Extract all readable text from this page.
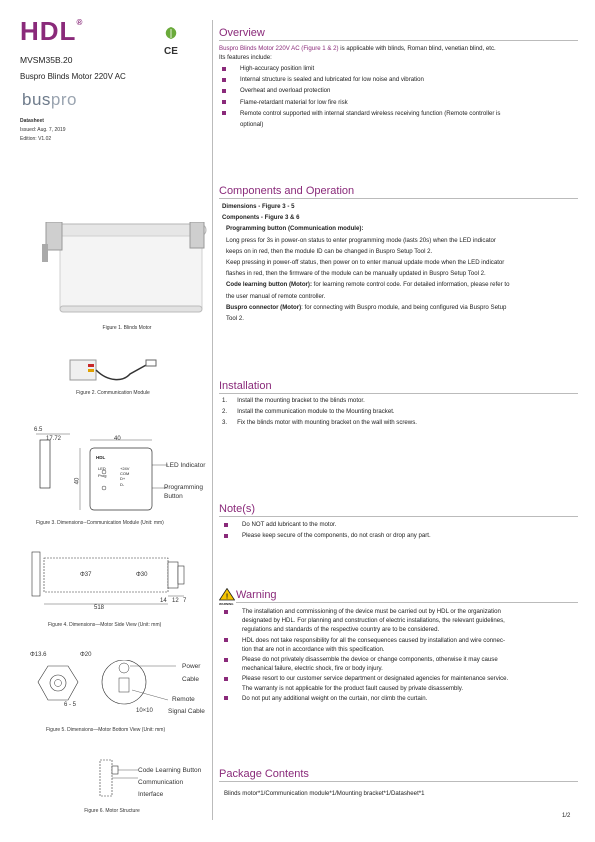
HDL®
CE
MVSM35B.20
Buspro Blinds Motor 220V AC
buspro
Datasheet
Issued: Aug. 7, 2019
Edition: V1.02
Figure 1. Blinds Motor
Figure 2. Communication Module
6.5
17.72	40
40
HDL
LED
Prog
+24V
COM
D+
D-
LED Indicator
Programming
Button
Figure 3. Dimensions--Communication Module (Unit: mm)
Φ37	Φ30
518
14 12 7
Figure 4. Dimensions—Motor Side View (Unit: mm)
Φ13.6	Φ20
6 - 5
10×10
Power
Cable
Remote
Signal Cable
Figure 5. Dimensions—Motor Bottom View (Unit: mm)
Code Learning Button
Communication
Interface
Figure 6. Motor Structure
Overview
Buspro Blinds Motor 220V AC (Figure 1 & 2) is applicable with blinds, Roman blind, venetian blind, etc.
Its features include:
High-accuracy position limit
Internal structure is sealed and lubricated for low noise and vibration
Overheat and overload protection
Flame-retardant material for low fire risk
Remote control supported with internal standard wireless receiving function (Remote controller is
optional)
Components and Operation
Dimensions - Figure 3 - 5
Components - Figure 3 & 6
Programming button (Communication module):
Long press for 3s in power-on status to enter programming mode (lasts 20s) when the LED indicator
keeps on in red, then the module ID can be changed in Buspro Setup Tool 2.
Keep pressing in power-off status, then power on to enter manual update mode when the LED indicator
flashes in red, then the firmware of the module can be manually updated in Buspro Setup Tool 2.
Code learning button (Motor): for learning remote control code. For detailed information, please refer to
the user manual of remote controller.
Buspro connector (Motor): for connecting with Buspro module, and being configured via Buspro Setup
Tool 2.
Installation
1. Install the mounting bracket to the blinds motor.
2. Install the communication module to the Mounting bracket.
3. Fix the blinds motor with mounting bracket on the wall with screws.
Note(s)
Do NOT add lubricant to the motor.
Please keep secure of the components, do not crash or drop any part.
!
WARNING
Warning
The installation and commissioning of the device must be carried out by HDL or the organization
designated by HDL. For planning and construction of electric installations, the relevant guidelines,
regulations and standards of the respective country are to be considered.
HDL does not take responsibility for all the consequences caused by installation and wire connec-
tion that are not in accordance with this specification.
Please do not privately disassemble the device or change components, otherwise it may cause
mechanical failure, electric shock, fire or body injury.
Please resort to our customer service department or designated agencies for maintenance service.
The warranty is not applicable for the product fault caused by private disassembly.
Do not put any additional weight on the curtain, nor climb the curtain.
Package Contents
Blinds motor*1/Communication module*1/Mounting bracket*1/Datasheet*1
1/2
